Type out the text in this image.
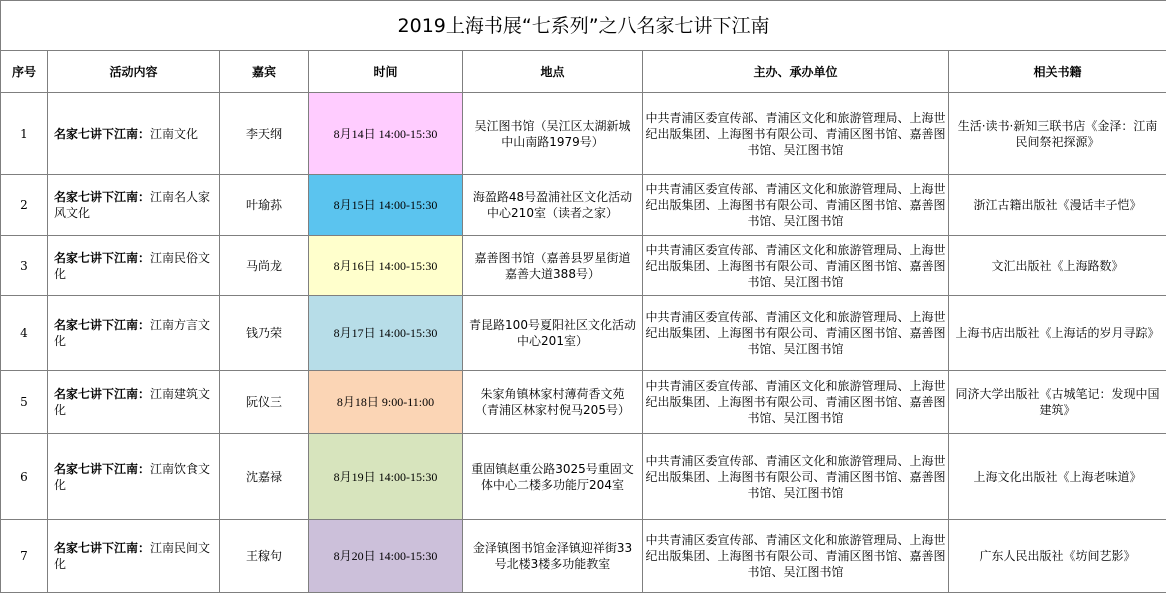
2019上海书展“七系列”之八名家七讲下江南						
序号	活动内容	嘉宾	时间	地点	主办、承办单位	相关书籍
1	名家七讲下江南：江南文化	李天纲	8月14日 14:00-15:30	吴江图书馆（吴江区太湖新城中山南路1979号）	中共青浦区委宣传部、青浦区文化和旅游管理局、上海世纪出版集团、上海图书有限公司、青浦区图书馆、嘉善图书馆、吴江图书馆	生活·读书·新知三联书店《金泽：江南民间祭祀探源》
2	名家七讲下江南：江南名人家风文化	叶瑜荪	8月15日 14:00-15:30	海盈路48号盈浦社区文化活动中心210室（读者之家）	中共青浦区委宣传部、青浦区文化和旅游管理局、上海世纪出版集团、上海图书有限公司、青浦区图书馆、嘉善图书馆、吴江图书馆	浙江古籍出版社《漫话丰子恺》
3	名家七讲下江南：江南民俗文化	马尚龙	8月16日 14:00-15:30	嘉善图书馆（嘉善县罗星街道嘉善大道388号）	中共青浦区委宣传部、青浦区文化和旅游管理局、上海世纪出版集团、上海图书有限公司、青浦区图书馆、嘉善图书馆、吴江图书馆	文汇出版社《上海路数》
4	名家七讲下江南：江南方言文化	钱乃荣	8月17日 14:00-15:30	青昆路100号夏阳社区文化活动中心201室）	中共青浦区委宣传部、青浦区文化和旅游管理局、上海世纪出版集团、上海图书有限公司、青浦区图书馆、嘉善图书馆、吴江图书馆	上海书店出版社《上海话的岁月寻踪》
5	名家七讲下江南：江南建筑文化	阮仪三	8月18日 9:00-11:00	朱家角镇林家村薄荷香文苑（青浦区林家村倪马205号）	中共青浦区委宣传部、青浦区文化和旅游管理局、上海世纪出版集团、上海图书有限公司、青浦区图书馆、嘉善图书馆、吴江图书馆	同济大学出版社《古城笔记：发现中国建筑》
6	名家七讲下江南：江南饮食文化	沈嘉禄	8月19日 14:00-15:30	重固镇赵重公路3025号重固文体中心二楼多功能厅204室	中共青浦区委宣传部、青浦区文化和旅游管理局、上海世纪出版集团、上海图书有限公司、青浦区图书馆、嘉善图书馆、吴江图书馆	上海文化出版社《上海老味道》
7	名家七讲下江南：江南民间文化	王稼句	8月20日 14:00-15:30	金泽镇图书馆金泽镇迎祥街33号北楼3楼多功能教室	中共青浦区委宣传部、青浦区文化和旅游管理局、上海世纪出版集团、上海图书有限公司、青浦区图书馆、嘉善图书馆、吴江图书馆	广东人民出版社《坊间艺影》
